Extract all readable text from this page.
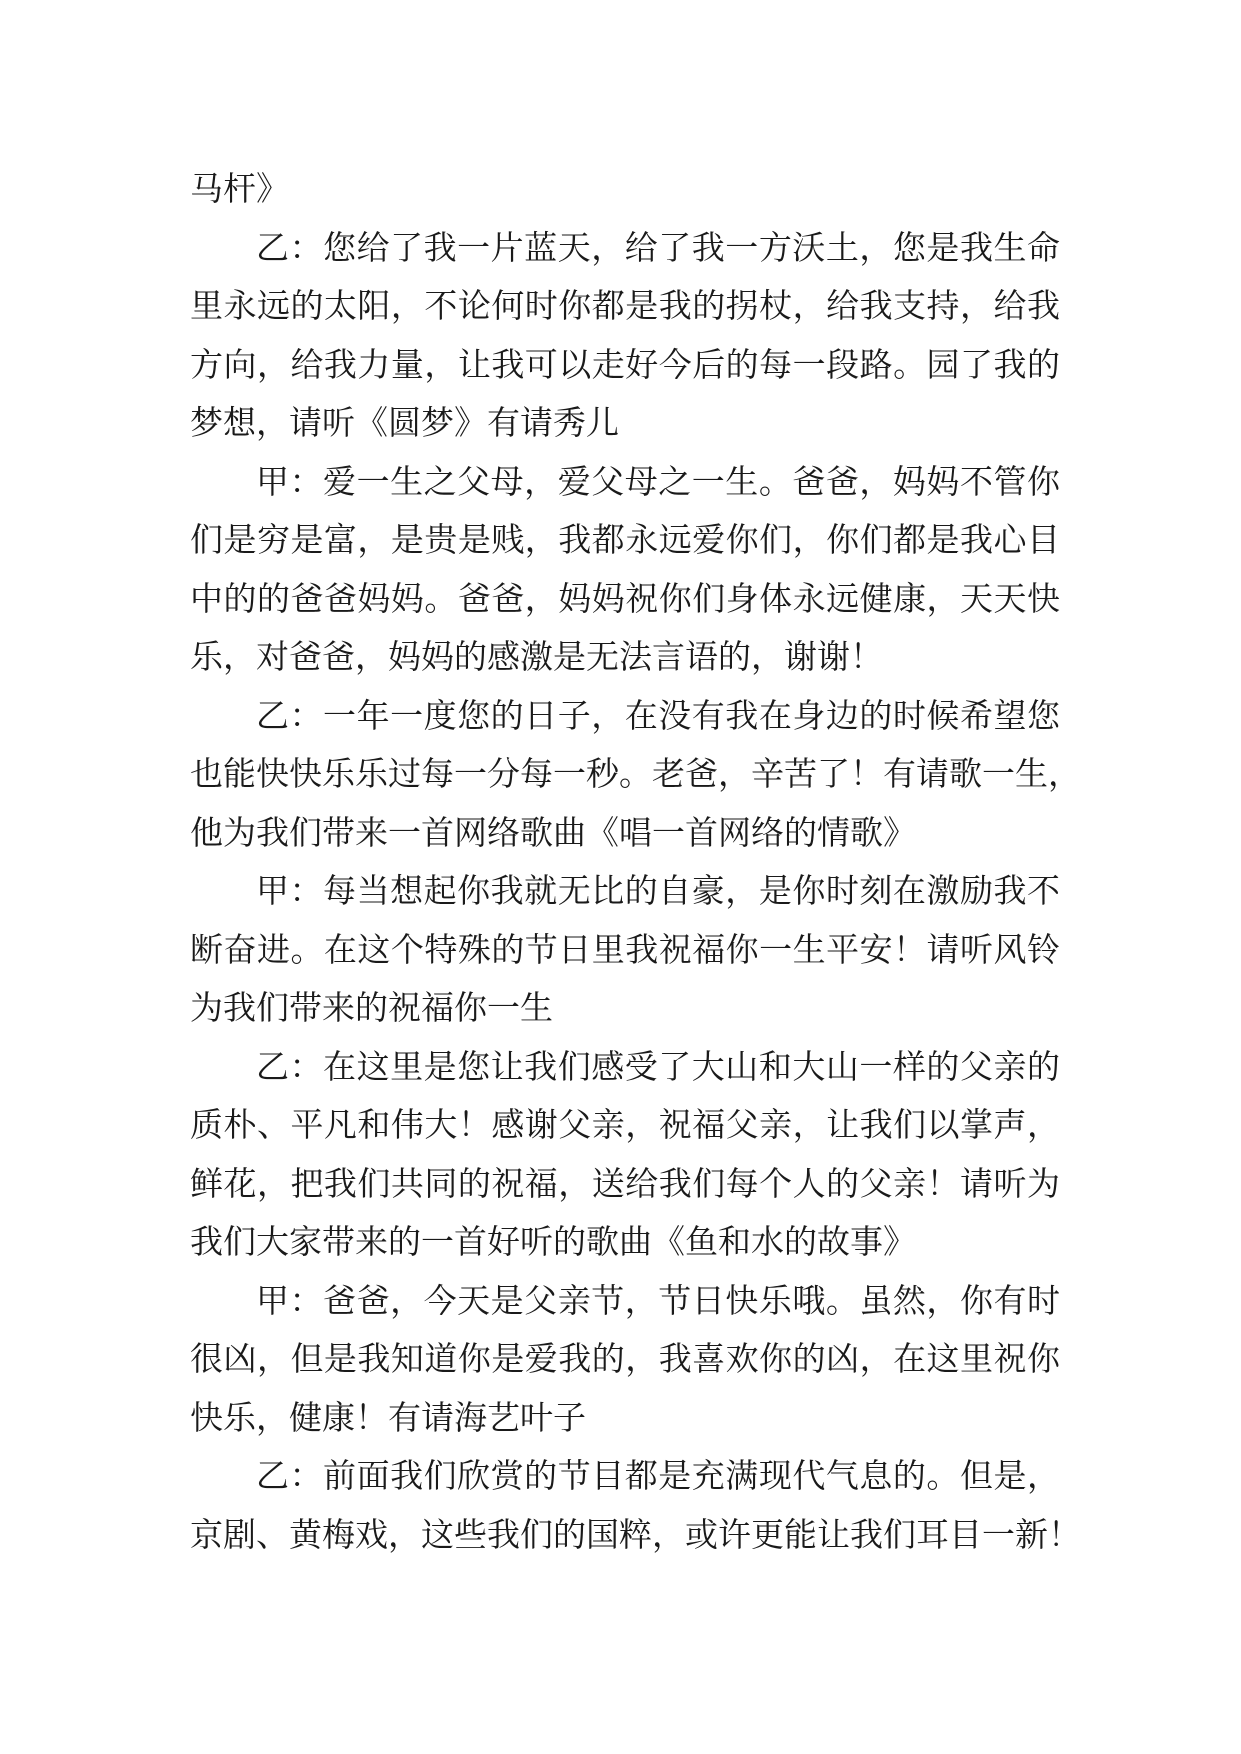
马杆》
乙：您给了我一片蓝天，给了我一方沃土，您是我生命
里永远的太阳，不论何时你都是我的拐杖，给我支持，给我
方向，给我力量，让我可以走好今后的每一段路。园了我的
梦想，请听《圆梦》有请秀儿
甲：爱一生之父母，爱父母之一生。爸爸，妈妈不管你
们是穷是富，是贵是贱，我都永远爱你们，你们都是我心目
中的的爸爸妈妈。爸爸，妈妈祝你们身体永远健康，天天快
乐，对爸爸，妈妈的感激是无法言语的，谢谢！
乙：一年一度您的日子，在没有我在身边的时候希望您
也能快快乐乐过每一分每一秒。老爸，辛苦了！有请歌一生，
他为我们带来一首网络歌曲《唱一首网络的情歌》
甲：每当想起你我就无比的自豪，是你时刻在激励我不
断奋进。在这个特殊的节日里我祝福你一生平安！请听风铃
为我们带来的祝福你一生
乙：在这里是您让我们感受了大山和大山一样的父亲的
质朴、平凡和伟大！感谢父亲，祝福父亲，让我们以掌声，
鲜花，把我们共同的祝福，送给我们每个人的父亲！请听为
我们大家带来的一首好听的歌曲《鱼和水的故事》
甲：爸爸，今天是父亲节，节日快乐哦。虽然，你有时
很凶，但是我知道你是爱我的，我喜欢你的凶，在这里祝你
快乐，健康！有请海艺叶子
乙：前面我们欣赏的节目都是充满现代气息的。但是，
京剧、黄梅戏，这些我们的国粹，或许更能让我们耳目一新！
